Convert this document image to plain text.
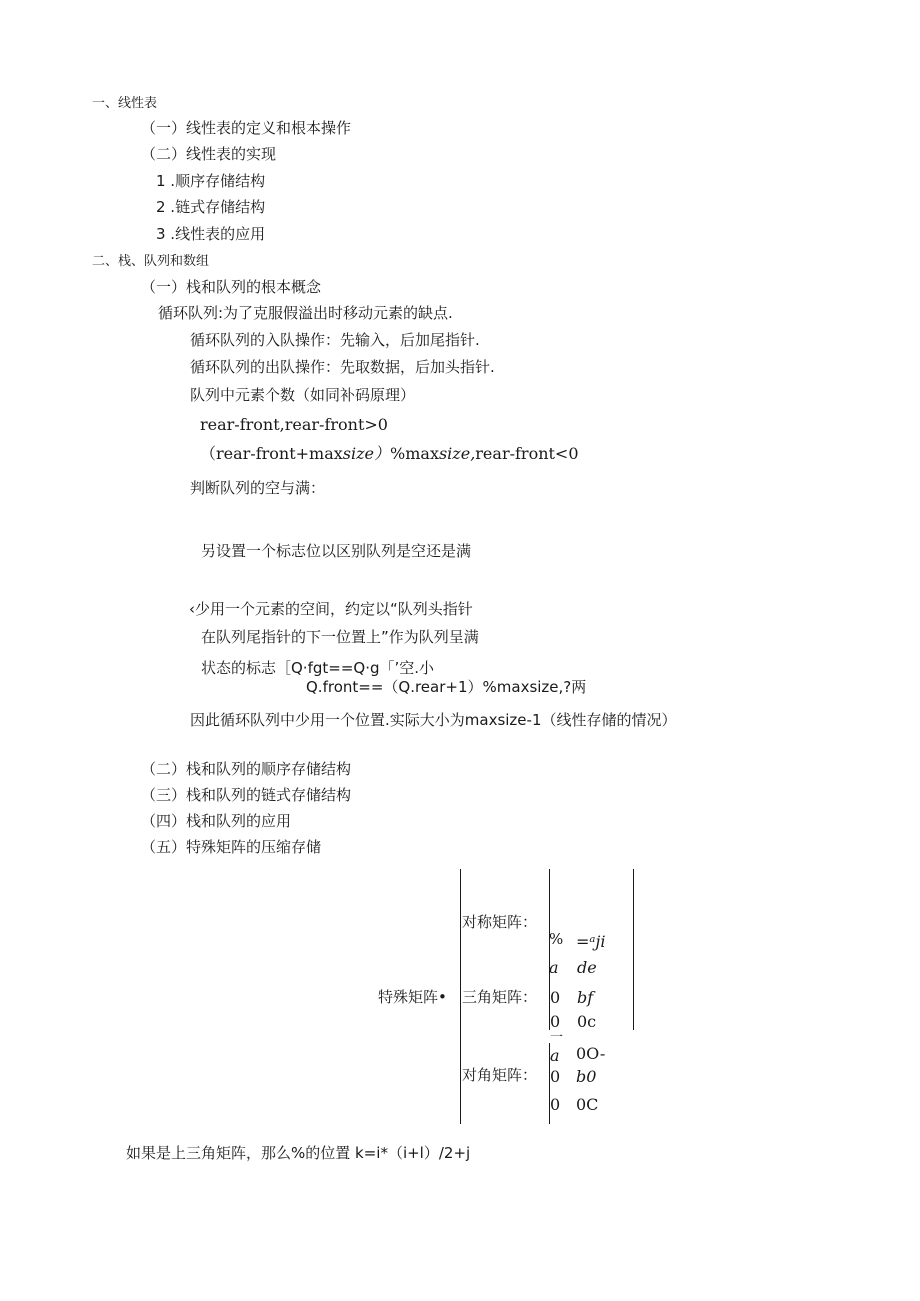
一、线性表
（一）线性表的定义和根本操作
（二）线性表的实现
1 .顺序存储结构
2 .链式存储结构
3 .线性表的应用
二、栈、队列和数组
（一）栈和队列的根本概念
循环队列:为了克服假溢出时移动元素的缺点.
循环队列的入队操作：先输入，后加尾指针.
循环队列的出队操作：先取数据，后加头指针.
队列中元素个数（如同补码原理）
rear-front,rear-front>0
（rear-front+maxsize）%maxsize,rear-front<0
判断队列的空与满：
另设置一个标志位以区别队列是空还是满
‹少用一个元素的空间，约定以“队列头指针
在队列尾指针的下一位置上”作为队列呈满
状态的标志［Q·fgt==Q·g「’空.小
Q.front==（Q.rear+1）%maxsize,?两
因此循环队列中少用一个位置.实际大小为maxsize-1（线性存储的情况）
（二）栈和队列的顺序存储结构
（三）栈和队列的链式存储结构
（四）栈和队列的应用
（五）特殊矩阵的压缩存储
特殊矩阵•
对称矩阵：
三角矩阵：
对角矩阵：
% =ᵃji
a de
0 bf
0 0c
一
a 0O-
0 b0
0 0C
如果是上三角矩阵，那么%的位置 k=i*（i+l）/2+j
